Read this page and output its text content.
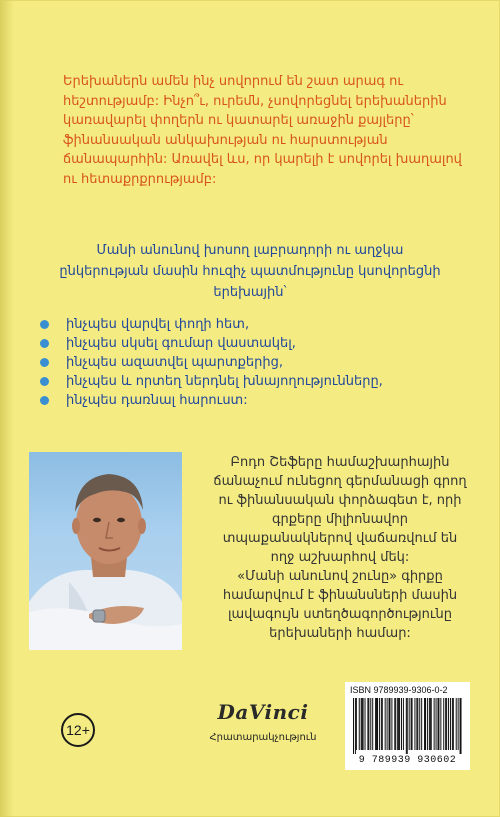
Երեխաներն ամեն ինչ սովորում են շատ արագ ու
հեշտությամբ: Ինչո՞ւ, ուրեմն, չսովորեցնել երեխաներին
կառավարել փողերն ու կատարել առաջին քայլերը՝
ֆինանսական անկախության ու հարստության
ճանապարհին: Առավել ևս, որ կարելի է սովորել խաղալով
ու հետաքրքրությամբ:
Մանի անունով խոսող լաբրադորի ու աղջկա
ընկերության մասին հուզիչ պատմությունը կսովորեցնի
երեխային՝
ինչպես վարվել փողի հետ,
ինչպես սկսել գումար վաստակել,
ինչպես ազատվել պարտքերից,
ինչպես և որտեղ ներդնել խնայողությունները,
ինչպես դառնալ հարուստ:
Բոդո Շեֆերը համաշխարհային
ճանաչում ունեցող գերմանացի գրող
ու ֆինանսական փորձագետ է, որի
գրքերը միլիոնավոր
տպաքանակներով վաճառվում են
ողջ աշխարհով մեկ:
«Մանի անունով շունը» գիրքը
համարվում է ֆինանսների մասին
լավագույն ստեղծագործությունը
երեխաների համար:
12+
DaVinci
Հրատարակչություն
ISBN 9789939-9306-0-2
9 789939 930602
